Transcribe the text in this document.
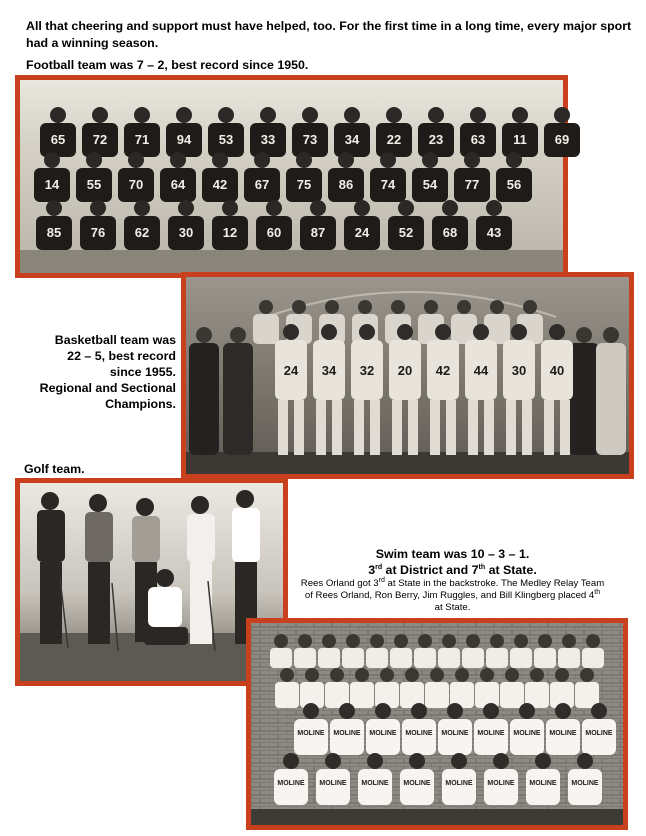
All that cheering and support must have helped, too. For the first time in a long time, every major sport had a winning season.

Football team was 7 – 2, best record since 1950.

65 72 71 94 53 33 73 34 22 23 63 11 69
14 55 70 64 42 67 75 86 74 54 77 56
85 76 62 30 12 60 87 24 52 68 43
Basketball team was
22 – 5, best record
since 1955.
Regional and Sectional
Champions.
24 34 32 20 42 44 30 40

Golf team.

Swim team was 10 – 3 – 1.
3rd at District and 7th at State.
Rees Orland got 3rd at State in the backstroke. The Medley Relay Team of Rees Orland, Ron Berry, Jim Ruggles, and Bill Klingberg placed 4th at State.
MOLINE MOLINE MOLINE MOLINE MOLINE MOLINE MOLINE MOLINE MOLINE
MOLINE MOLINE MOLINE MOLINE MOLINE MOLINE MOLINE MOLINE
